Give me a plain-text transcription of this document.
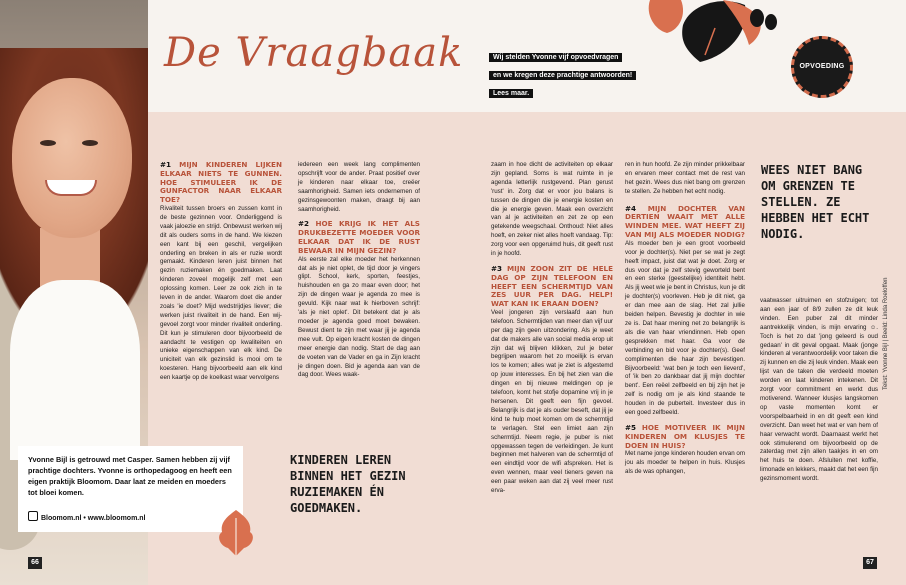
De Vraagbaak	Wij stelden Yvonne vijf opvoedvragen en we kregen deze prachtige antwoorden! Lees maar.
OPVOEDING

#1 MIJN KINDEREN LIJKEN ELKAAR NIETS TE GUNNEN. HOE STIMULEER IK DE GUNFACTOR NAAR ELKAAR TOE?

Rivaliteit tussen broers en zussen komt in de beste gezinnen voor. Onderliggend is vaak jaloezie en strijd. Onbewust werken wij dit als ouders soms in de hand. We kiezen een kant bij een geschil, vergelijken onderling en breken in als er ruzie wordt gemaakt. Kinderen leren juist binnen het gezin ruziemaken én goedmaken. Laat kinderen zoveel mogelijk zelf met een oplossing komen. Leer ze ook zich in te leven in de ander. Waarom doet die ander zoals 'ie doet? Mijd wedstrijdjes liever; die werken juist rivaliteit in de hand. Een wij-gevoel zorgt voor minder rivaliteit onderling. Dit kun je stimuleren door bijvoorbeeld de aandacht te vestigen op kwaliteiten en unieke eigenschappen van elk kind. De uniciteit van elk gezinslid is mooi om te koesteren. Hang bijvoorbeeld aan elk kind een kaartje op de koelkast waar vervolgens

iedereen een week lang complimenten opschrijft voor de ander. Praat positief over je kinderen naar elkaar toe, creëer saamhorigheid. Samen iets ondernemen of gezinsgewoonten maken, draagt bij aan saamhorigheid.

#2 HOE KRIJG IK HET ALS DRUKBEZETTE MOEDER VOOR ELKAAR DAT IK DE RUST BEWAAR IN MIJN GEZIN?

Als eerste zal elke moeder het herkennen dat als je niet oplet, de tijd door je vingers glipt. School, kerk, sporten, feestjes, huishouden en ga zo maar even door; het zijn de dingen waar je agenda zo mee is gevuld. Kijk naar wat ik hierboven schrijf: 'als je niet oplet'. Dit betekent dat je als moeder je agenda goed moet bewaken. Bewust dient te zijn met waar jij je agenda mee vult. Op eigen kracht kosten de dingen meer energie dan nodig. Start de dag aan de voeten van de Vader en ga in Zijn kracht je dingen doen. Bid je agenda aan van de dag door. Wees waak-

KINDEREN LEREN BINNEN HET GEZIN RUZIEMAKEN ÉN GOEDMAKEN.

zaam in hoe dicht de activiteiten op elkaar zijn gepland. Soms is wat ruimte in je agenda letterlijk rustgevend. Plan gerust 'rust' in. Zorg dat er voor jou balans is tussen de dingen die je energie kosten en die je energie geven. Maak een overzicht van al je activiteiten en zet ze op een getekende weegschaal. Onthoud: Niet alles hoeft, en zeker niet alles hoeft vandaag. Tip: zorg voor een opgeruimd huis, dit geeft rust in je hoofd.

#3 MIJN ZOON ZIT DE HELE DAG OP ZIJN TELEFOON EN HEEFT EEN SCHERMTIJD VAN ZES UUR PER DAG. HELP! WAT KAN IK ERAAN DOEN?

Veel jongeren zijn verslaafd aan hun telefoon. Schermtijden van meer dan vijf uur per dag zijn geen uitzondering. Als je weet dat de makers alle van social media erop uit zijn dat wij blijven klikken, zul je beter begrijpen waarom het zo moeilijk is ervan los te komen; alles wat je ziet is afgestemd op jouw interesses. En bij het zien van die dingen en bij nieuwe meldingen op je telefoon, komt het stofje dopamine vrij in je hersenen. Dit geeft een fijn gevoel. Belangrijk is dat je als ouder beseft, dat jij je kind te hulp moet komen om de schermtijd te verlagen. Stel een limiet aan zijn schermtijd. Neem regie, je puber is niet opgewassen tegen de verleidingen. Je kunt beginnen met halveren van de schermtijd of een eindtijd voor de wifi afspreken. Het is even wennen, maar veel tieners geven na een paar weken aan dat zij veel meer rust erva-

ren in hun hoofd. Ze zijn minder prikkelbaar en ervaren meer contact met de rest van het gezin. Wees dus niet bang om grenzen te stellen. Ze hebben het echt nodig.

#4 MIJN DOCHTER VAN DERTIEN WAAIT MET ALLE WINDEN MEE. WAT HEEFT ZIJ VAN MIJ ALS MOEDER NODIG?

Als moeder ben je een groot voorbeeld voor je dochter(s). Niet per se wat je zegt heeft impact, juist dat wat je doet. Zorg er dus voor dat je zelf stevig geworteld bent en een sterke (geestelijke) identiteit hebt. Als jij weet wie je bent in Christus, kun je dit je dochter(s) voorleven. Heb je dit niet, ga er dan mee aan de slag. Het zal jullie beiden helpen. Bevestig je dochter in wie ze is. Dat haar mening net zo belangrijk is als die van haar vriendinnen. Heb open gesprekken met haar. Ga voor de verbinding en bid voor je dochter(s). Geef complimenten die haar zijn bevestigen. Bijvoorbeeld: 'wat ben je toch een lieverd', of 'ik ben zo dankbaar dat jij mijn dochter bent'. Een reëel zelfbeeld en bij zijn het je zelf is nodig om je als kind staande te houden in de puberteit. Investeer dus in een goed zelfbeeld.

#5 HOE MOTIVEER IK MIJN KINDEREN OM KLUSJES TE DOEN IN HUIS?

Met name jonge kinderen houden ervan om jou als moeder te helpen in huis. Klusjes als de was ophangen,

WEES NIET BANG OM GRENZEN TE STELLEN. ZE HEBBEN HET ECHT NODIG.

vaatwasser uitruimen en stofzuigen; tot aan een jaar of 8/9 zullen ze dit leuk vinden. Een puber zal dit minder aantrekkelijk vinden, is mijn ervaring ☺. Toch is het zo dat 'jong geleerd is oud gedaan' in dit geval opgaat. Maak (jonge kinderen al verantwoordelijk voor taken die zij kunnen en die zij leuk vinden. Maak een lijst van de taken die verdeeld moeten worden en laat kinderen intekenen. Dit zorgt voor commitment en werkt dus motiverend. Wanneer klusjes langskomen op vaste momenten komt er voorspelbaarheid in en dit geeft een kind overzicht. Dan weet het wat er van hem of haar verwacht wordt. Daarnaast werkt het ook stimulerend om bijvoorbeeld op de zaterdag met zijn allen taakjes in en om het huis te doen. Afsluiten met koffie, limonade en lekkers, maakt dat het een fijn gezinsmoment wordt.

Tekst: Yvonne Bijl | Beeld: Linda Roeloffen
Yvonne Bijl is getrouwd met Casper. Samen hebben zij vijf prachtige dochters. Yvonne is orthopedagoog en heeft een eigen praktijk Bloomom. Daar laat ze meiden en moeders tot bloei komen.
Bloomom.nl • www.bloomom.nl
66	67
